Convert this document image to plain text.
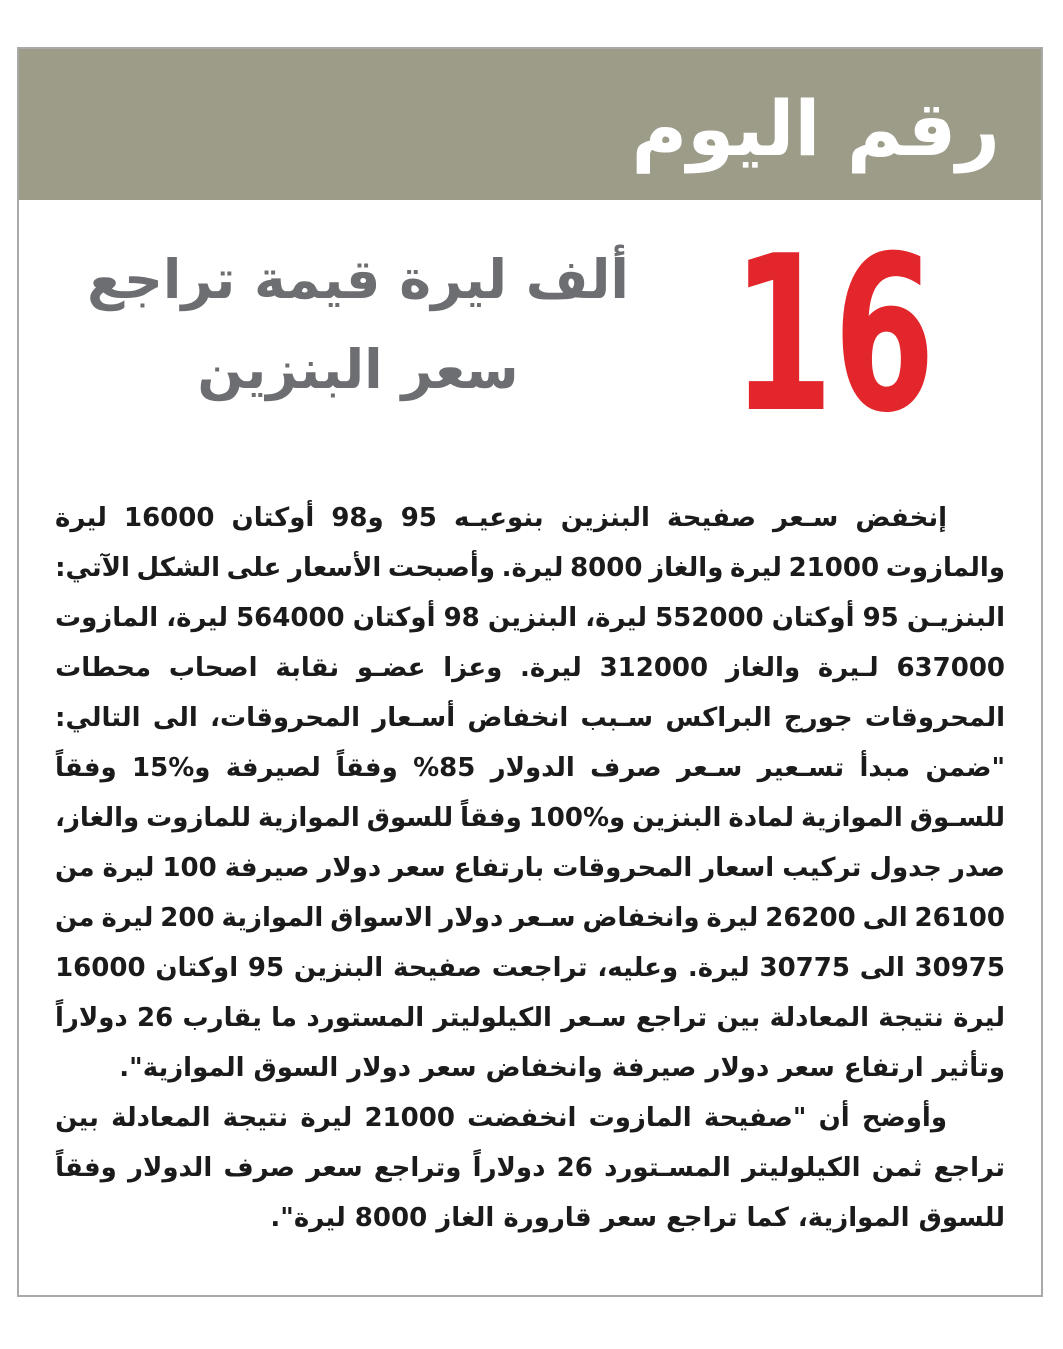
رقم اليوم
16
ألف ليرة قيمة تراجع
سعر البنزين
إنخفض
سـعر
صفيحة
البنزين
بنوعيـه
95
و98
أوكتان
16000
ليرة
والمازوت
21000
ليرة
والغاز
8000
ليرة.
وأصبحت
الأسعار
على
الشكل
الآتي:
البنزيـن
95
أوكتان
552000
ليرة،
البنزين
98
أوكتان
564000
ليرة،
المازوت
637000
لـيرة
والغاز
312000
ليرة.
وعزا
عضـو
نقابة
اصحاب
محطات
المحروقات
جورج
البراكس
سـبب
انخفاض
أسـعار
المحروقات،
الى
التالي:
"ضمن
مبدأ
تسـعير
سـعر
صرف
الدولار
%85
وفقاً
لصيرفة
و%15
وفقاً
للسـوق
الموازية
لمادة
البنزين
و%100
وفقاً
للسوق
الموازية
للمازوت
والغاز،
صدر
جدول
تركيب
اسعار
المحروقات
بارتفاع
سعر
دولار
صيرفة
100
ليرة
من
26100
الى
26200
ليرة
وانخفاض
سـعر
دولار
الاسواق
الموازية
200
ليرة
من
30975
الى
30775
ليرة.
وعليه،
تراجعت
صفيحة
البنزين
95
اوكتان
16000
ليرة
نتيجة
المعادلة
بين
تراجع
سـعر
الكيلوليتر
المستورد
ما
يقارب
26
دولاراً
وتأثير ارتفاع سعر دولار صيرفة وانخفاض سعر دولار السوق الموازية".
وأوضح
أن
"صفيحة
المازوت
انخفضت
21000
ليرة
نتيجة
المعادلة
بين
تراجع
ثمن
الكيلوليتر
المسـتورد
26
دولاراً
وتراجع
سعر
صرف
الدولار
وفقاً
للسوق الموازية، كما تراجع سعر قارورة الغاز 8000 ليرة".
